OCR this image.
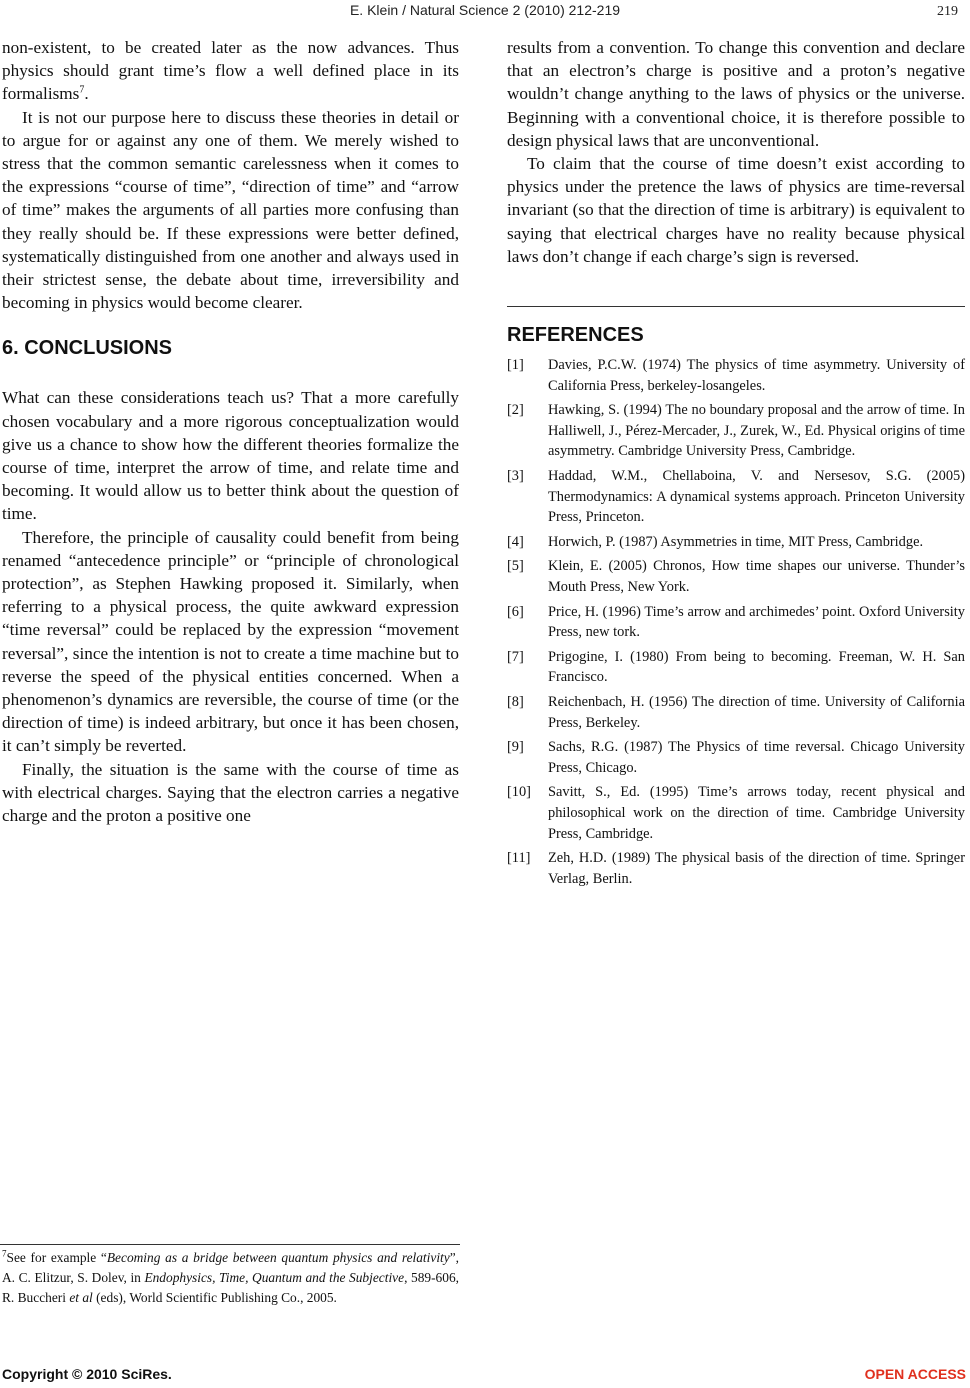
E. Klein / Natural Science 2 (2010) 212-219	219

non-existent, to be created later as the now advances. Thus physics should grant time’s flow a well defined place in its formalisms$^7$.

It is not our purpose here to discuss these theories in detail or to argue for or against any one of them. We merely wished to stress that the common semantic carelessness when it comes to the expressions “course of time”, “direction of time” and “arrow of time” makes the arguments of all parties more confusing than they really should be. If these expressions were better defined, systematically distinguished from one another and always used in their strictest sense, the debate about time, irreversibility and becoming in physics would become clearer.

6. CONCLUSIONS

What can these considerations teach us? That a more carefully chosen vocabulary and a more rigorous conceptualization would give us a chance to show how the different theories formalize the course of time, interpret the arrow of time, and relate time and becoming. It would allow us to better think about the question of time.

Therefore, the principle of causality could benefit from being renamed “antecedence principle” or “principle of chronological protection”, as Stephen Hawking proposed it. Similarly, when referring to a physical process, the quite awkward expression “time reversal” could be replaced by the expression “movement reversal”, since the intention is not to create a time machine but to reverse the speed of the physical entities concerned. When a phenomenon’s dynamics are reversible, the course of time (or the direction of time) is indeed arbitrary, but once it has been chosen, it can’t simply be reverted.

Finally, the situation is the same with the course of time as with electrical charges. Saying that the electron carries a negative charge and the proton a positive one

results from a convention. To change this convention and declare that an electron’s charge is positive and a proton’s negative wouldn’t change anything to the laws of physics or the universe. Beginning with a conventional choice, it is therefore possible to design physical laws that are unconventional.

To claim that the course of time doesn’t exist according to physics under the pretence the laws of physics are time-reversal invariant (so that the direction of time is arbitrary) is equivalent to saying that electrical charges have no reality because physical laws don’t change if each charge’s sign is reversed.

REFERENCES
[1]	Davies, P.C.W. (1974) The physics of time asymmetry. University of California Press, berkeley-losangeles.
[2]	Hawking, S. (1994) The no boundary proposal and the arrow of time. In Halliwell, J., Pérez-Mercader, J., Zurek, W., Ed. Physical origins of time asymmetry. Cambridge University Press, Cambridge.
[3]	Haddad, W.M., Chellaboina, V. and Nersesov, S.G. (2005) Thermodynamics: A dynamical systems approach. Princeton University Press, Princeton.
[4]	Horwich, P. (1987) Asymmetries in time, MIT Press, Cambridge.
[5]	Klein, E. (2005) Chronos, How time shapes our universe. Thunder’s Mouth Press, New York.
[6]	Price, H. (1996) Time’s arrow and archimedes’ point. Oxford University Press, new tork.
[7]	Prigogine, I. (1980) From being to becoming. Freeman, W. H. San Francisco.
[8]	Reichenbach, H. (1956) The direction of time. University of California Press, Berkeley.
[9]	Sachs, R.G. (1987) The Physics of time reversal. Chicago University Press, Chicago.
[10]	Savitt, S., Ed. (1995) Time’s arrows today, recent physical and philosophical work on the direction of time. Cambridge University Press, Cambridge.
[11]	Zeh, H.D. (1989) The physical basis of the direction of time. Springer Verlag, Berlin.
$^7$See for example “Becoming as a bridge between quantum physics and relativity”, A. C. Elitzur, S. Dolev, in Endophysics, Time, Quantum and the Subjective, 589-606, R. Buccheri et al (eds), World Scientific Publishing Co., 2005.
Copyright © 2010 SciRes.	OPEN ACCESS
